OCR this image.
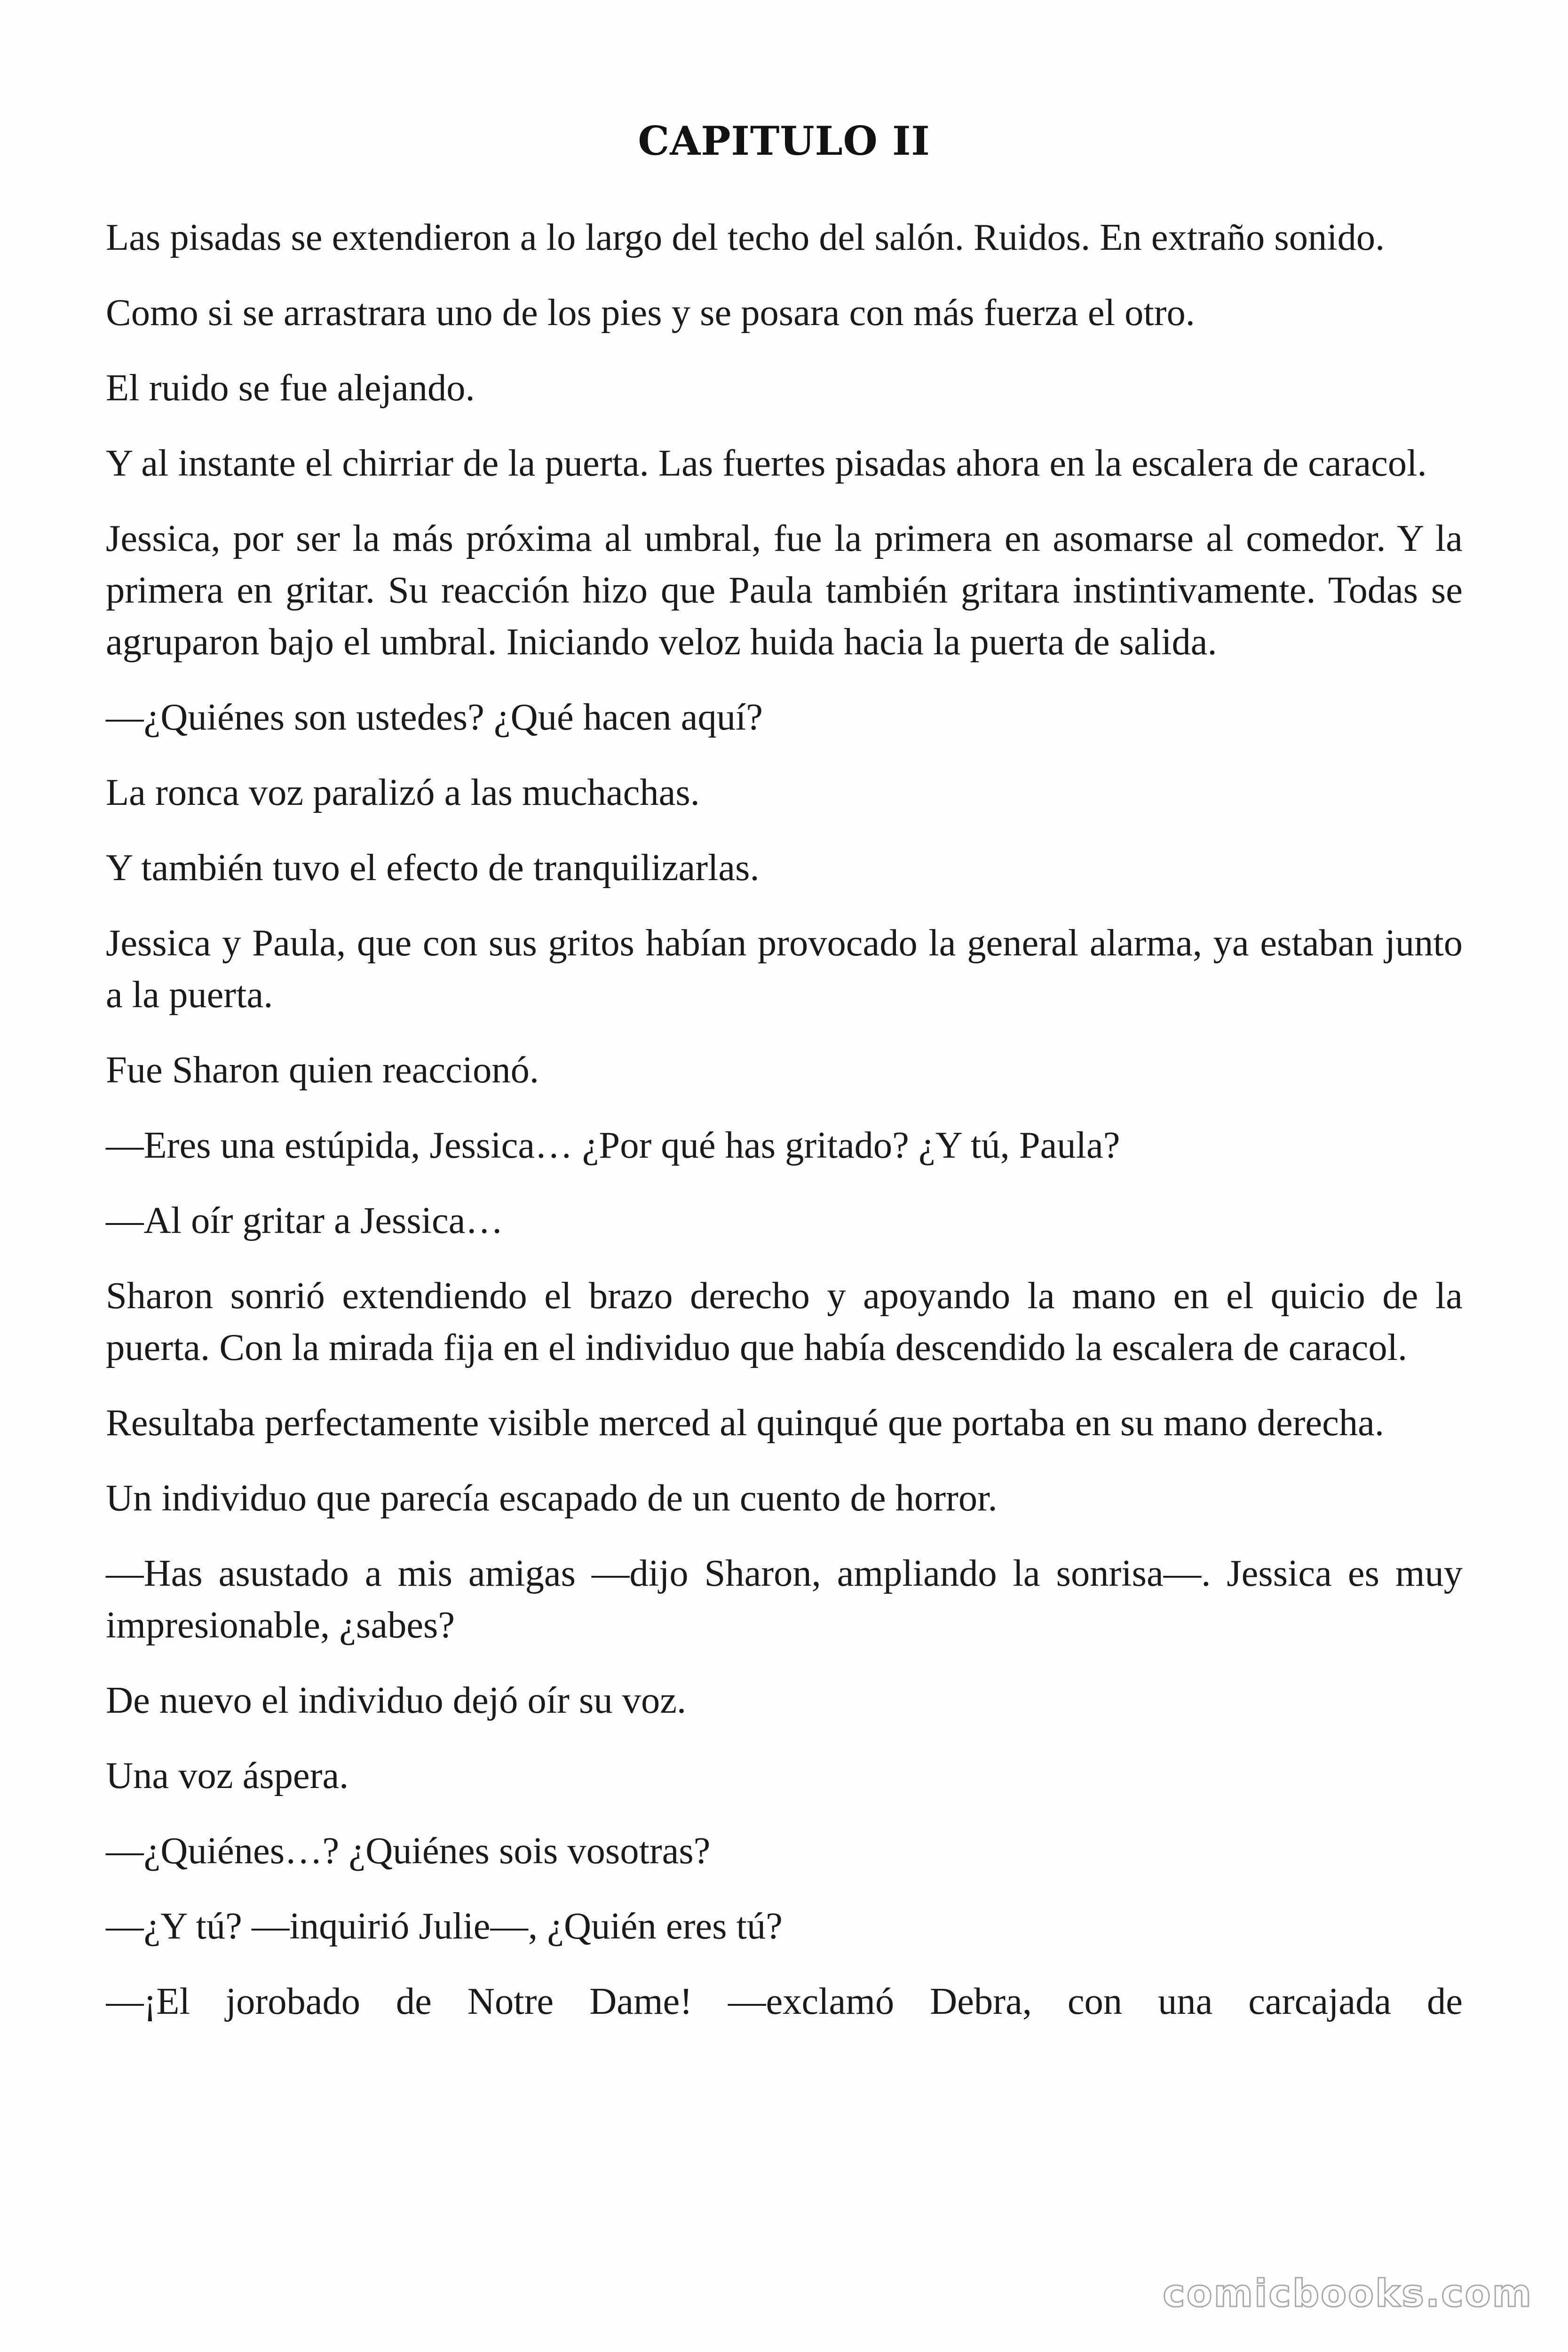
CAPITULO II

Las pisadas se extendieron a lo largo del techo del salón. Ruidos. En extraño sonido.

Como si se arrastrara uno de los pies y se posara con más fuerza el otro.

El ruido se fue alejando.

Y al instante el chirriar de la puerta. Las fuertes pisadas ahora en la escalera de caracol.

Jessica, por ser la más próxima al umbral, fue la primera en asomarse al comedor. Y la primera en gritar. Su reacción hizo que Paula también gritara instintivamente. Todas se agruparon bajo el umbral. Iniciando veloz huida hacia la puerta de salida.

—¿Quiénes son ustedes? ¿Qué hacen aquí?

La ronca voz paralizó a las muchachas.

Y también tuvo el efecto de tranquilizarlas.

Jessica y Paula, que con sus gritos habían provocado la general alarma, ya estaban junto a la puerta.

Fue Sharon quien reaccionó.

—Eres una estúpida, Jessica… ¿Por qué has gritado? ¿Y tú, Paula?

—Al oír gritar a Jessica…

Sharon sonrió extendiendo el brazo derecho y apoyando la mano en el quicio de la puerta. Con la mirada fija en el individuo que había descendido la escalera de caracol.

Resultaba perfectamente visible merced al quinqué que portaba en su mano derecha.

Un individuo que parecía escapado de un cuento de horror.

—Has asustado a mis amigas —dijo Sharon, ampliando la sonrisa—. Jessica es muy impresionable, ¿sabes?

De nuevo el individuo dejó oír su voz.

Una voz áspera.

—¿Quiénes…? ¿Quiénes sois vosotras?

—¿Y tú? —inquirió Julie—, ¿Quién eres tú?

—¡El jorobado de Notre Dame! —exclamó Debra, con una carcajada de

comicbooks.com
